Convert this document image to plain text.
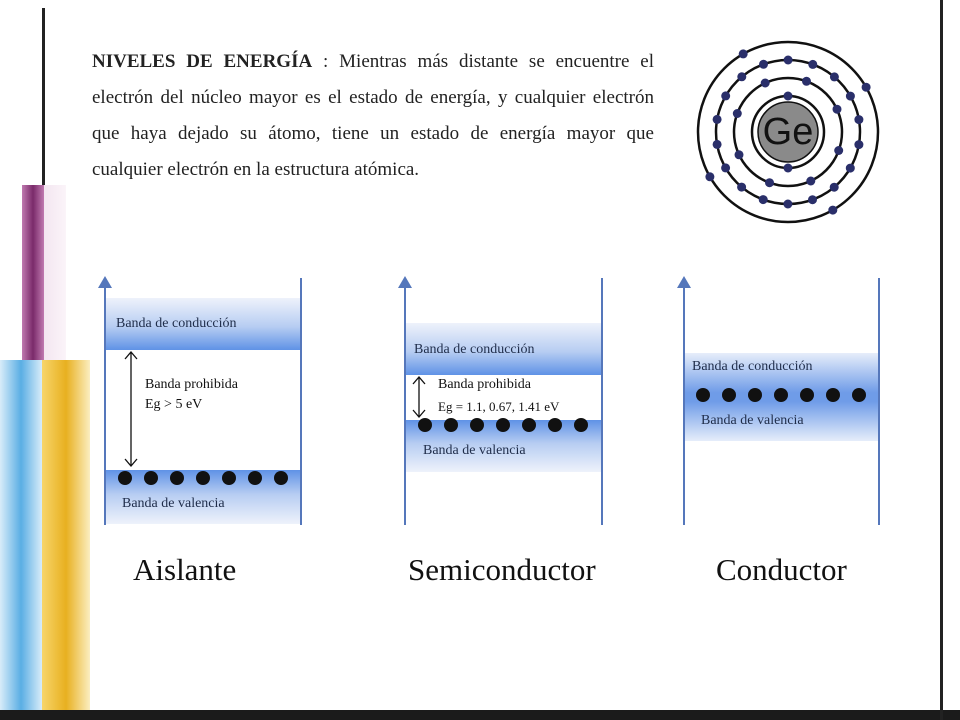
NIVELES DE ENERGÍA : Mientras más distante se encuentre el electrón del núcleo mayor es el estado de energía, y cualquier electrón que haya dejado su átomo, tiene un estado de energía mayor que cualquier electrón en la estructura atómica.
Ge
Banda de conducción
Banda de valencia
Banda prohibida
Eg > 5 eV
Aislante
Banda de conducción
Banda de valencia
Banda prohibida
Eg = 1.1, 0.67, 1.41 eV
Semiconductor
Banda de conducción
Banda de valencia
Conductor
